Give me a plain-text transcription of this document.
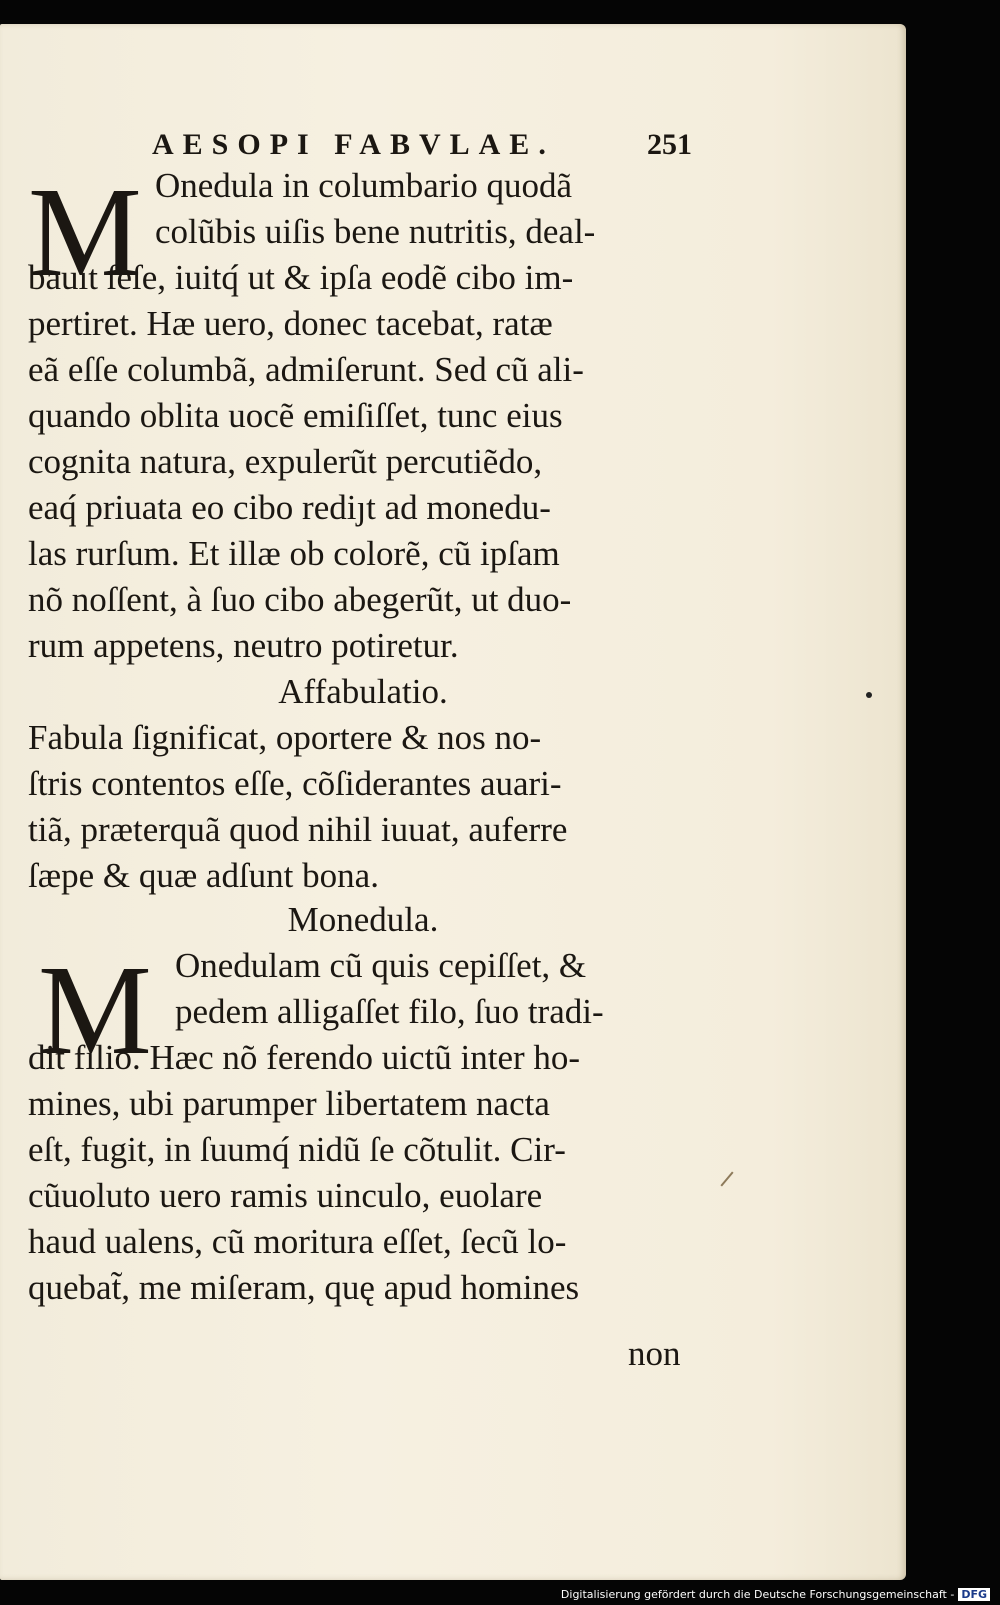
AESOPI FABVLAE.	251
M Onedula in columbario quodã
colũbis uiſis bene nutritis, deal-
bauit ſeſe, iuitq́ ut & ipſa eodẽ cibo im-
pertiret. Hæ uero, donec tacebat, ratæ
eã eſſe columbã, admiſerunt. Sed cũ ali-
quando oblita uocẽ emiſiſſet, tunc eius
cognita natura, expulerũt percutiẽdo,
eaq́ priuata eo cibo rediȷt ad monedu-
las rurſum. Et illæ ob colorẽ, cũ ipſam
nõ noſſent, à ſuo cibo abegerũt, ut duo-
rum appetens, neutro potiretur.
Affabulatio.
Fabula ſignificat, oportere & nos no-
ſtris contentos eſſe, cõſiderantes auari-
tiã, præterquã quod nihil iuuat, auferre
ſæpe & quæ adſunt bona.
Monedula.
M Onedulam cũ quis cepiſſet, &
pedem alligaſſet filo, ſuo tradi-
dit filio. Hæc nõ ferendo uictũ inter ho-
mines, ubi parumper libertatem nacta
eſt, fugit, in ſuumq́ nidũ ſe cõtulit. Cir-
cũuoluto uero ramis uinculo, euolare
haud ualens, cũ moritura eſſet, ſecũ lo-
quebat̃, me miſeram, quę apud homines
non
Digitalisierung gefördert durch die Deutsche Forschungsgemeinschaft - DFG
